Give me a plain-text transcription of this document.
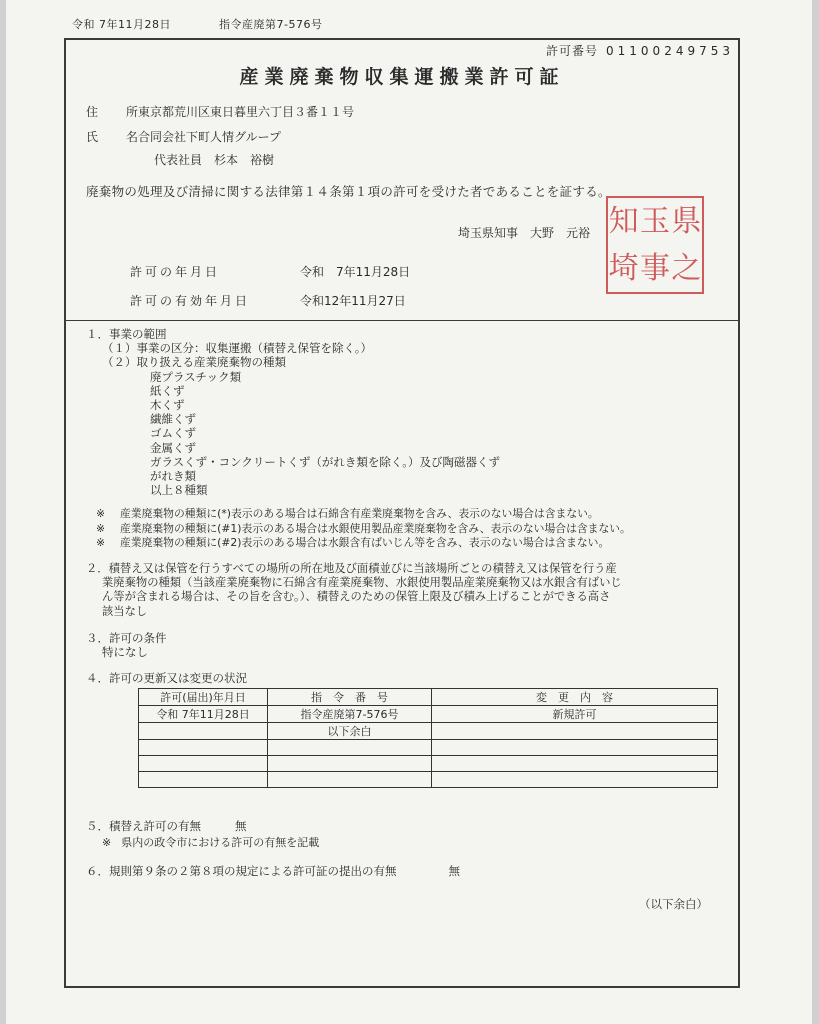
令和 7年11月28日	指令産廃第7-576号
許可番号 01100249753
産業廃棄物収集運搬業許可証
住　所東京都荒川区東日暮里六丁目３番１１号
氏　名合同会社下町人情グループ
代表社員　杉本　裕樹
廃棄物の処理及び清掃に関する法律第１４条第１項の許可を受けた者であることを証する。
埼玉県知事　大野　元裕 知 玉 県
埼 事 之
許可の年月日	令和　7年11月28日
許可の有効年月日	令和12年11月27日
１．事業の範囲
（１）事業の区分：収集運搬（積替え保管を除く。）
（２）取り扱える産業廃棄物の種類
廃プラスチック類
紙くず
木くず
繊維くず
ゴムくず
金属くず
ガラスくず・コンクリートくず（がれき類を除く。）及び陶磁器くず
がれき類
以上８種類
※ 産業廃棄物の種類に(*)表示のある場合は石綿含有産業廃棄物を含み、表示のない場合は含まない。
※ 産業廃棄物の種類に(#1)表示のある場合は水銀使用製品産業廃棄物を含み、表示のない場合は含まない。
※ 産業廃棄物の種類に(#2)表示のある場合は水銀含有ばいじん等を含み、表示のない場合は含まない。
２．積替え又は保管を行うすべての場所の所在地及び面積並びに当該場所ごとの積替え又は保管を行う産
業廃棄物の種類（当該産業廃棄物に石綿含有産業廃棄物、水銀使用製品産業廃棄物又は水銀含有ばいじ
ん等が含まれる場合は、その旨を含む。）、積替えのための保管上限及び積み上げることができる高さ
該当なし
３．許可の条件
特になし
４．許可の更新又は変更の状況
許可(届出)年月日	指　令　番　号	変　更　内　容
令和 7年11月28日	指令産廃第7-576号	新規許可
	以下余白	

５．積替え許可の有無	無
※ 県内の政令市における許可の有無を記載
６．規則第９条の２第８項の規定による許可証の提出の有無	無
（以下余白）
